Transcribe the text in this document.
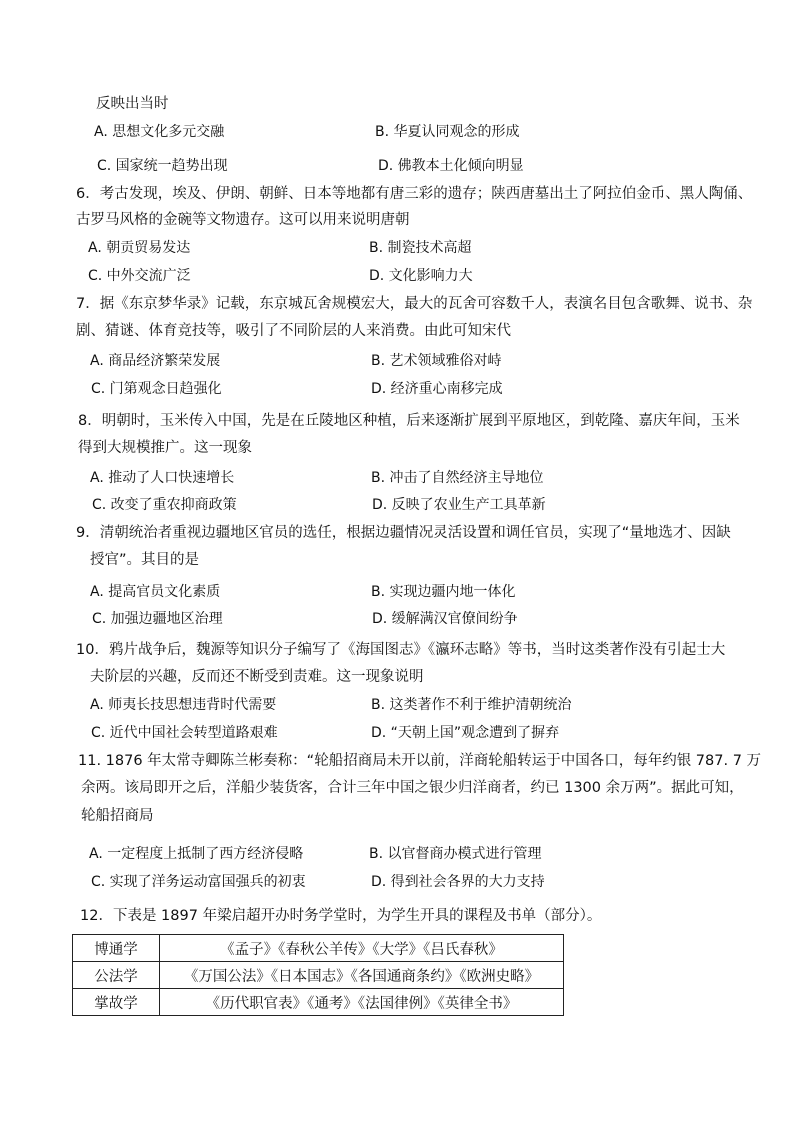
反映出当时
A. 思想文化多元交融	B. 华夏认同观念的形成
C. 国家统一趋势出现	D. 佛教本土化倾向明显
6．考古发现，埃及、伊朗、朝鲜、日本等地都有唐三彩的遗存；陕西唐墓出土了阿拉伯金币、黑人陶俑、
古罗马风格的金碗等文物遗存。这可以用来说明唐朝
A. 朝贡贸易发达	B. 制瓷技术高超
C. 中外交流广泛	D. 文化影响力大
7．据《东京梦华录》记载，东京城瓦舍规模宏大，最大的瓦舍可容数千人，表演名目包含歌舞、说书、杂
剧、猜谜、体育竞技等，吸引了不同阶层的人来消费。由此可知宋代
A. 商品经济繁荣发展	B. 艺术领域雅俗对峙
C. 门第观念日趋强化	D. 经济重心南移完成
8．明朝时，玉米传入中国，先是在丘陵地区种植，后来逐渐扩展到平原地区，到乾隆、嘉庆年间，玉米
得到大规模推广。这一现象
A. 推动了人口快速增长	B. 冲击了自然经济主导地位
C. 改变了重农抑商政策	D. 反映了农业生产工具革新
9．清朝统治者重视边疆地区官员的选任，根据边疆情况灵活设置和调任官员，实现了“量地选才、因缺
授官”。其目的是
A. 提高官员文化素质	B. 实现边疆内地一体化
C. 加强边疆地区治理	D. 缓解满汉官僚间纷争
10．鸦片战争后，魏源等知识分子编写了《海国图志》《瀛环志略》等书，当时这类著作没有引起士大
夫阶层的兴趣，反而还不断受到责难。这一现象说明
A. 师夷长技思想违背时代需要	B. 这类著作不利于维护清朝统治
C. 近代中国社会转型道路艰难	D. “天朝上国”观念遭到了摒弃
11. 1876 年太常寺卿陈兰彬奏称：“轮船招商局未开以前，洋商轮船转运于中国各口，每年约银 787. 7 万
余两。该局即开之后，洋船少装货客，合计三年中国之银少归洋商者，约已 1300 余万两”。据此可知，
轮船招商局
A. 一定程度上抵制了西方经济侵略	B. 以官督商办模式进行管理
C. 实现了洋务运动富国强兵的初衷	D. 得到社会各界的大力支持
12．下表是 1897 年梁启超开办时务学堂时，为学生开具的课程及书单（部分）。
博通学	《孟子》《春秋公羊传》《大学》《吕氏春秋》
公法学	《万国公法》《日本国志》《各国通商条约》《欧洲史略》
掌故学	《历代职官表》《通考》《法国律例》《英律全书》
